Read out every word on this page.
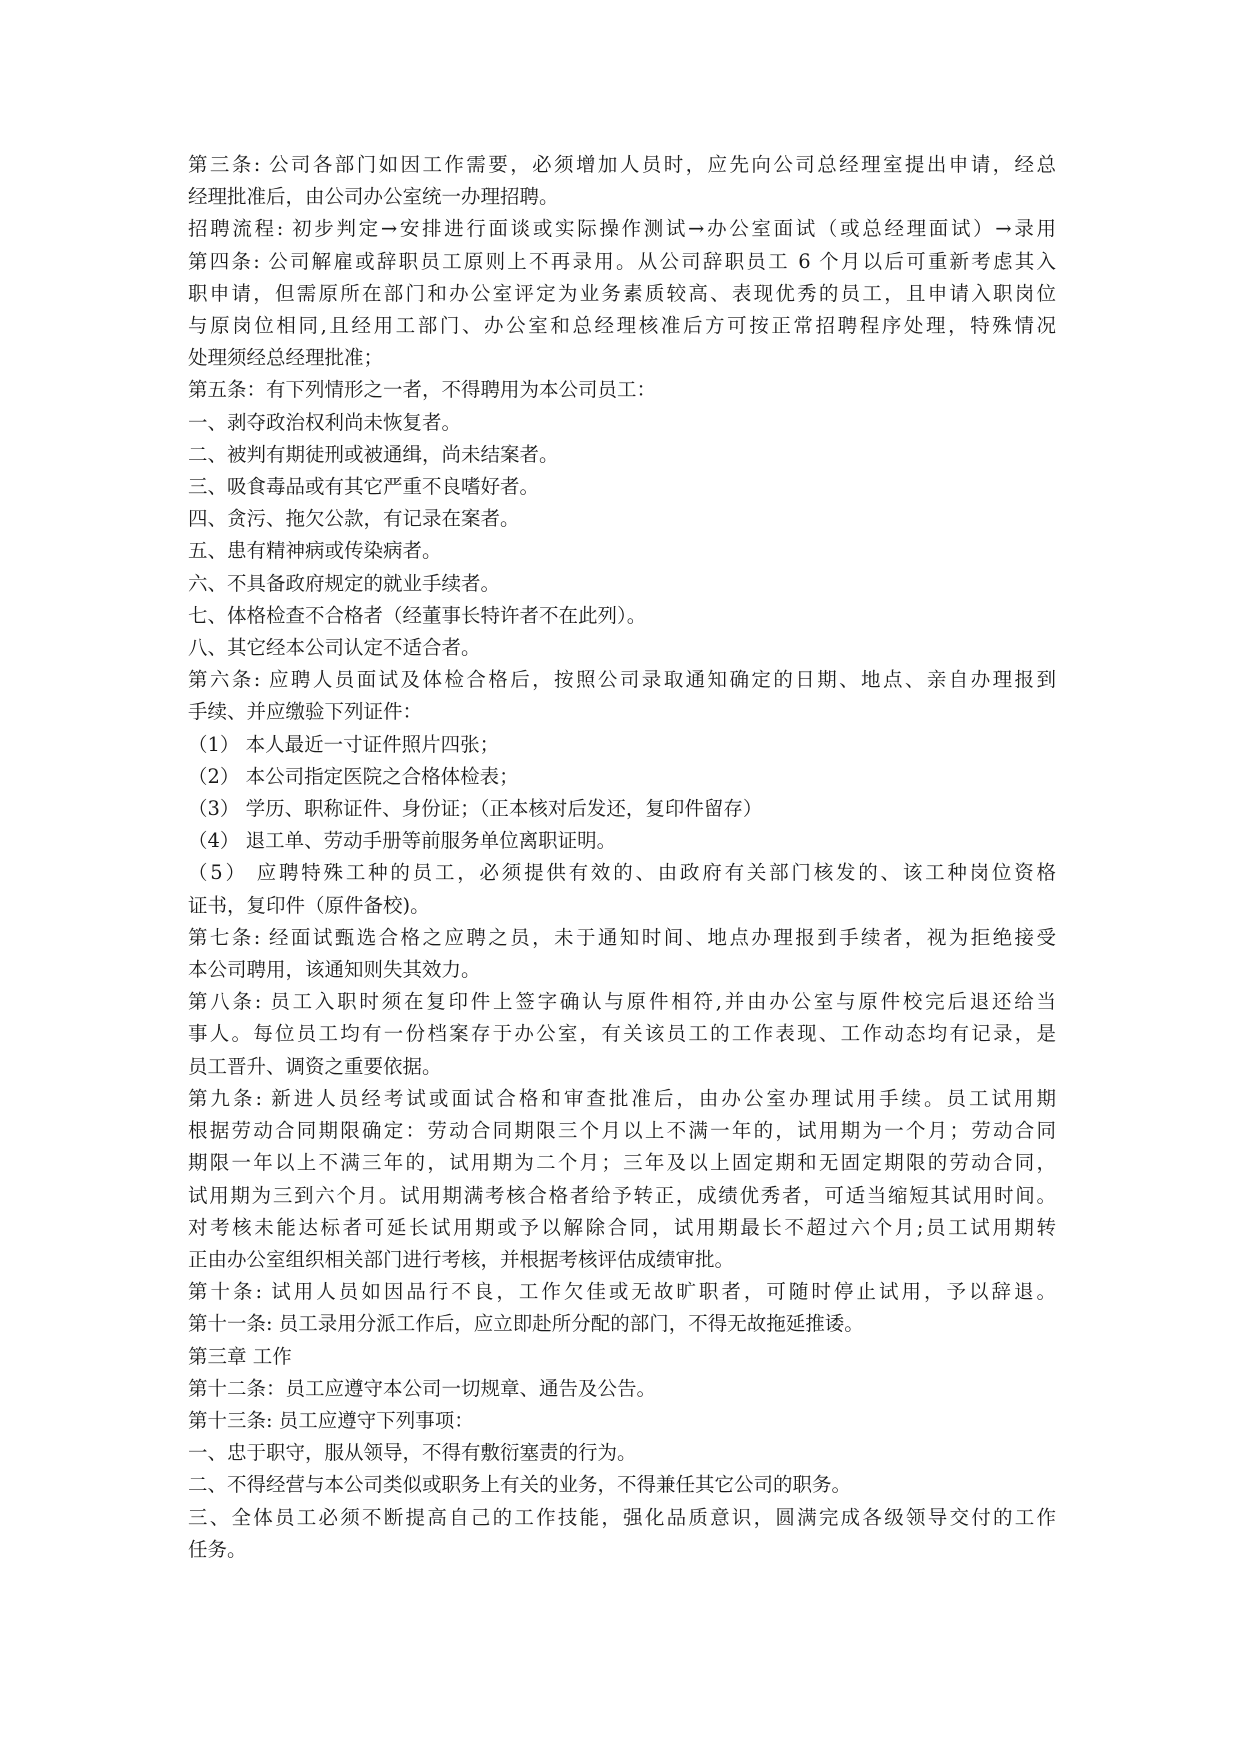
第三条: 公司各部门如因工作需要，必须增加人员时，应先向公司总经理室提出申请，经总

经理批准后，由公司办公室统一办理招聘。

招聘流程: 初步判定→安排进行面谈或实际操作测试→办公室面试（或总经理面试）→录用

第四条: 公司解雇或辞职员工原则上不再录用。从公司辞职员工 6 个月以后可重新考虑其入

职申请，但需原所在部门和办公室评定为业务素质较高、表现优秀的员工，且申请入职岗位

与原岗位相同,且经用工部门、办公室和总经理核准后方可按正常招聘程序处理，特殊情况

处理须经总经理批准；

第五条：有下列情形之一者，不得聘用为本公司员工：

一、剥夺政治权利尚未恢复者。

二、被判有期徒刑或被通缉，尚未结案者。

三、吸食毒品或有其它严重不良嗜好者。

四、贪污、拖欠公款，有记录在案者。

五、患有精神病或传染病者。

六、不具备政府规定的就业手续者。

七、体格检查不合格者（经董事长特许者不在此列）。

八、其它经本公司认定不适合者。

第六条: 应聘人员面试及体检合格后，按照公司录取通知确定的日期、地点、亲自办理报到

手续、并应缴验下列证件：

（1） 本人最近一寸证件照片四张；

（2） 本公司指定医院之合格体检表；

（3） 学历、职称证件、身份证；（正本核对后发还，复印件留存）

（4） 退工单、劳动手册等前服务单位离职证明。

（5） 应聘特殊工种的员工，必须提供有效的、由政府有关部门核发的、该工种岗位资格

证书，复印件（原件备校)。

第七条: 经面试甄选合格之应聘之员，未于通知时间、地点办理报到手续者，视为拒绝接受

本公司聘用，该通知则失其效力。

第八条: 员工入职时须在复印件上签字确认与原件相符,并由办公室与原件校完后退还给当

事人。每位员工均有一份档案存于办公室，有关该员工的工作表现、工作动态均有记录，是

员工晋升、调资之重要依据。

第九条: 新进人员经考试或面试合格和审查批准后，由办公室办理试用手续。员工试用期

根据劳动合同期限确定：劳动合同期限三个月以上不满一年的，试用期为一个月；劳动合同

期限一年以上不满三年的，试用期为二个月；三年及以上固定期和无固定期限的劳动合同，

试用期为三到六个月。试用期满考核合格者给予转正，成绩优秀者，可适当缩短其试用时间。

对考核未能达标者可延长试用期或予以解除合同，试用期最长不超过六个月;员工试用期转

正由办公室组织相关部门进行考核，并根据考核评估成绩审批。

第十条: 试用人员如因品行不良，工作欠佳或无故旷职者，可随时停止试用，予以辞退。

第十一条: 员工录用分派工作后，应立即赴所分配的部门，不得无故拖延推诿。

第三章 工作

第十二条：员工应遵守本公司一切规章、通告及公告。

第十三条: 员工应遵守下列事项：

一、忠于职守，服从领导，不得有敷衍塞责的行为。

二、不得经营与本公司类似或职务上有关的业务，不得兼任其它公司的职务。

三、全体员工必须不断提高自己的工作技能，强化品质意识，圆满完成各级领导交付的工作

任务。
